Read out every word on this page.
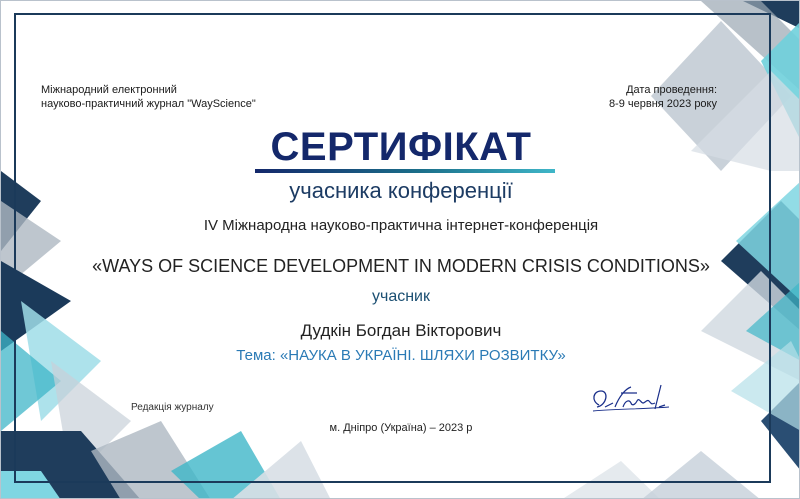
Міжнародний електронний
науково-практичний журнал "WayScience"
Дата проведення:
8-9 червня 2023 року
СЕРТИФІКАТ
учасника конференції
IV Міжнародна науково-практична інтернет-конференція
«WAYS OF SCIENCE DEVELOPMENT IN MODERN CRISIS CONDITIONS»
учасник
Дудкін Богдан Вікторович
Тема: «НАУКА В УКРАЇНІ. ШЛЯХИ РОЗВИТКУ»
Редакція журналу
м. Дніпро (Україна) – 2023 р
